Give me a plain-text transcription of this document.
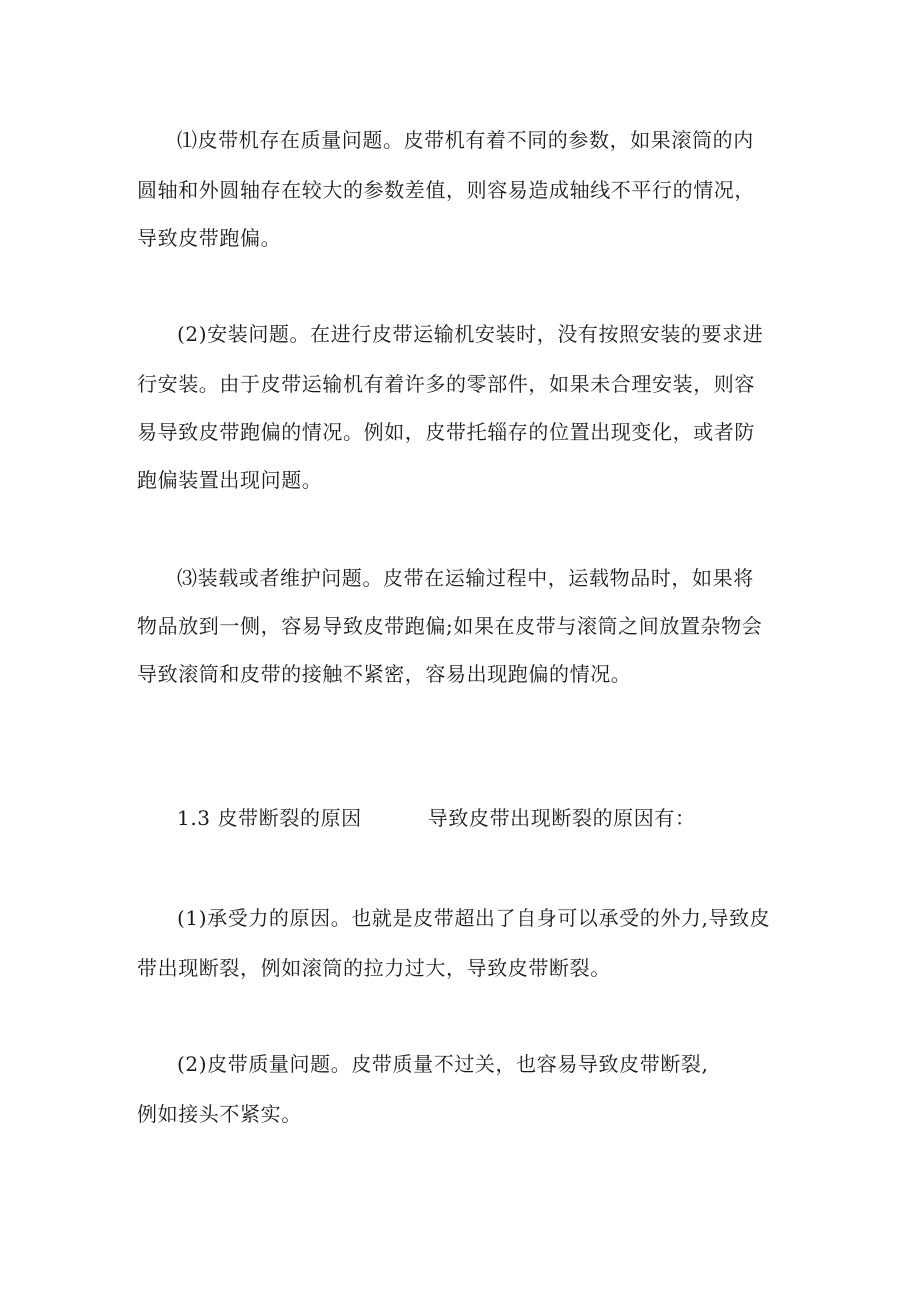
⑴皮带机存在质量问题。皮带机有着不同的参数，如果滚筒的内
圆轴和外圆轴存在较大的参数差值，则容易造成轴线不平行的情况，
导致皮带跑偏。
(2)安装问题。在进行皮带运输机安装时，没有按照安装的要求进
行安装。由于皮带运输机有着许多的零部件，如果未合理安装，则容
易导致皮带跑偏的情况。例如，皮带托辎存的位置出现变化，或者防
跑偏装置出现问题。
⑶装载或者维护问题。皮带在运输过程中，运载物品时，如果将
物品放到一侧，容易导致皮带跑偏;如果在皮带与滚筒之间放置杂物会
导致滚筒和皮带的接触不紧密，容易出现跑偏的情况。
1.3 皮带断裂的原因	导致皮带出现断裂的原因有：
(1)承受力的原因。也就是皮带超出了自身可以承受的外力,导致皮
带出现断裂，例如滚筒的拉力过大，导致皮带断裂。
(2)皮带质量问题。皮带质量不过关，也容易导致皮带断裂,
例如接头不紧实。
